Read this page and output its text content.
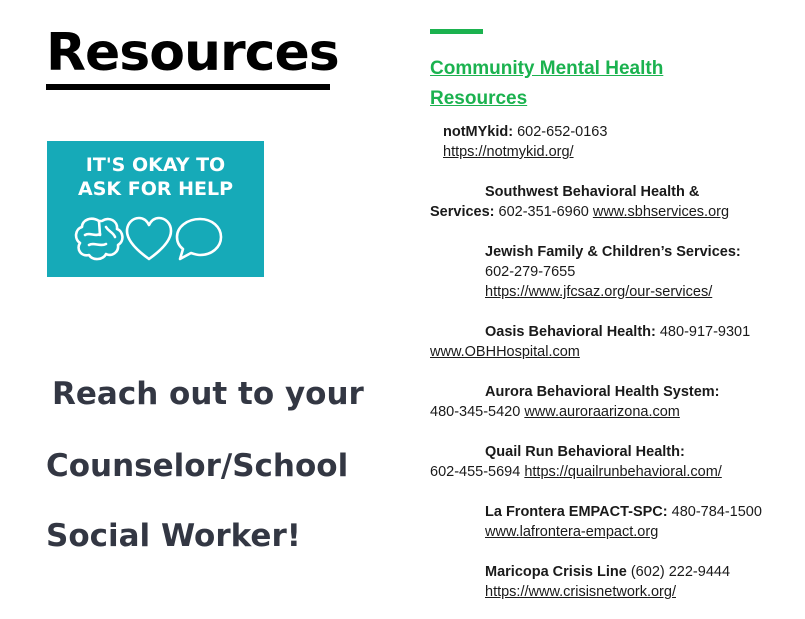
Resources
IT'S OKAY TO
ASK FOR HELP
Reach out to your
Counselor/School
Social Worker!
Community Mental Health
Resources
notMYkid: 602-652-0163
https://notmykid.org/
Southwest Behavioral Health &
Services: 602-351-6960 www.sbhservices.org
Jewish Family & Children’s Services:
602-279-7655
https://www.jfcsaz.org/our-services/
Oasis Behavioral Health: 480-917-9301
www.OBHHospital.com
Aurora Behavioral Health System:
480-345-5420 www.auroraarizona.com
Quail Run Behavioral Health:
602-455-5694 https://quailrunbehavioral.com/
La Frontera EMPACT-SPC: 480-784-1500
www.lafrontera-empact.org
Maricopa Crisis Line (602) 222-9444
https://www.crisisnetwork.org/
